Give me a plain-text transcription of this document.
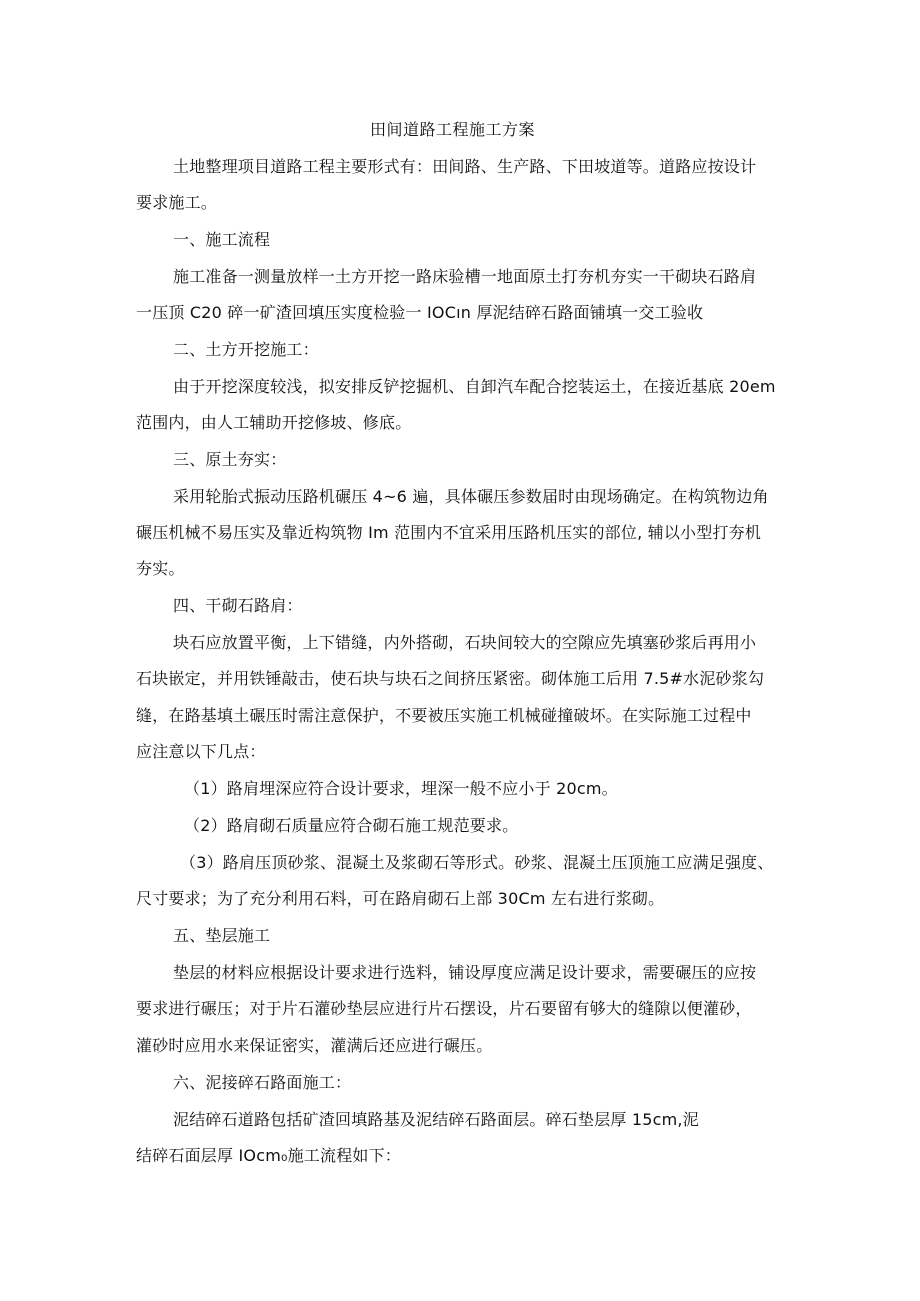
田间道路工程施工方案
土地整理项目道路工程主要形式有：田间路、生产路、下田坡道等。道路应按设计
要求施工。
一、施工流程
施工准备一测量放样一土方开挖一路床验槽一地面原土打夯机夯实一干砌块石路肩
一压顶 C20 碎一矿渣回填压实度检验一 IOCın 厚泥结碎石路面铺填一交工验收
二、土方开挖施工：
由于开挖深度较浅，拟安排反铲挖掘机、自卸汽车配合挖装运土，在接近基底 20em
范围内，由人工辅助开挖修坡、修底。
三、原土夯实：
采用轮胎式振动压路机碾压 4~6 遍，具体碾压参数届时由现场确定。在构筑物边角
碾压机械不易压实及靠近构筑物 Im 范围内不宜采用压路机压实的部位, 辅以小型打夯机
夯实。
四、干砌石路肩：
块石应放置平衡，上下错缝，内外搭砌，石块间较大的空隙应先填塞砂浆后再用小
石块嵌定，并用铁锤敲击，使石块与块石之间挤压紧密。砌体施工后用 7.5#水泥砂浆勾
缝，在路基填土碾压时需注意保护，不要被压实施工机械碰撞破坏。在实际施工过程中
应注意以下几点：
（1）路肩埋深应符合设计要求，埋深一般不应小于 20cm。
（2）路肩砌石质量应符合砌石施工规范要求。
（3）路肩压顶砂浆、混凝土及浆砌石等形式。砂浆、混凝土压顶施工应满足强度、
尺寸要求；为了充分利用石料，可在路肩砌石上部 30Cm 左右进行浆砌。
五、垫层施工
垫层的材料应根据设计要求进行选料，铺设厚度应满足设计要求，需要碾压的应按
要求进行碾压；对于片石灌砂垫层应进行片石摆设，片石要留有够大的缝隙以便灌砂，
灌砂时应用水来保证密实，灌满后还应进行碾压。
六、泥接碎石路面施工：
泥结碎石道路包括矿渣回填路基及泥结碎石路面层。碎石垫层厚 15cm,泥
结碎石面层厚 IOcm₀施工流程如下：
